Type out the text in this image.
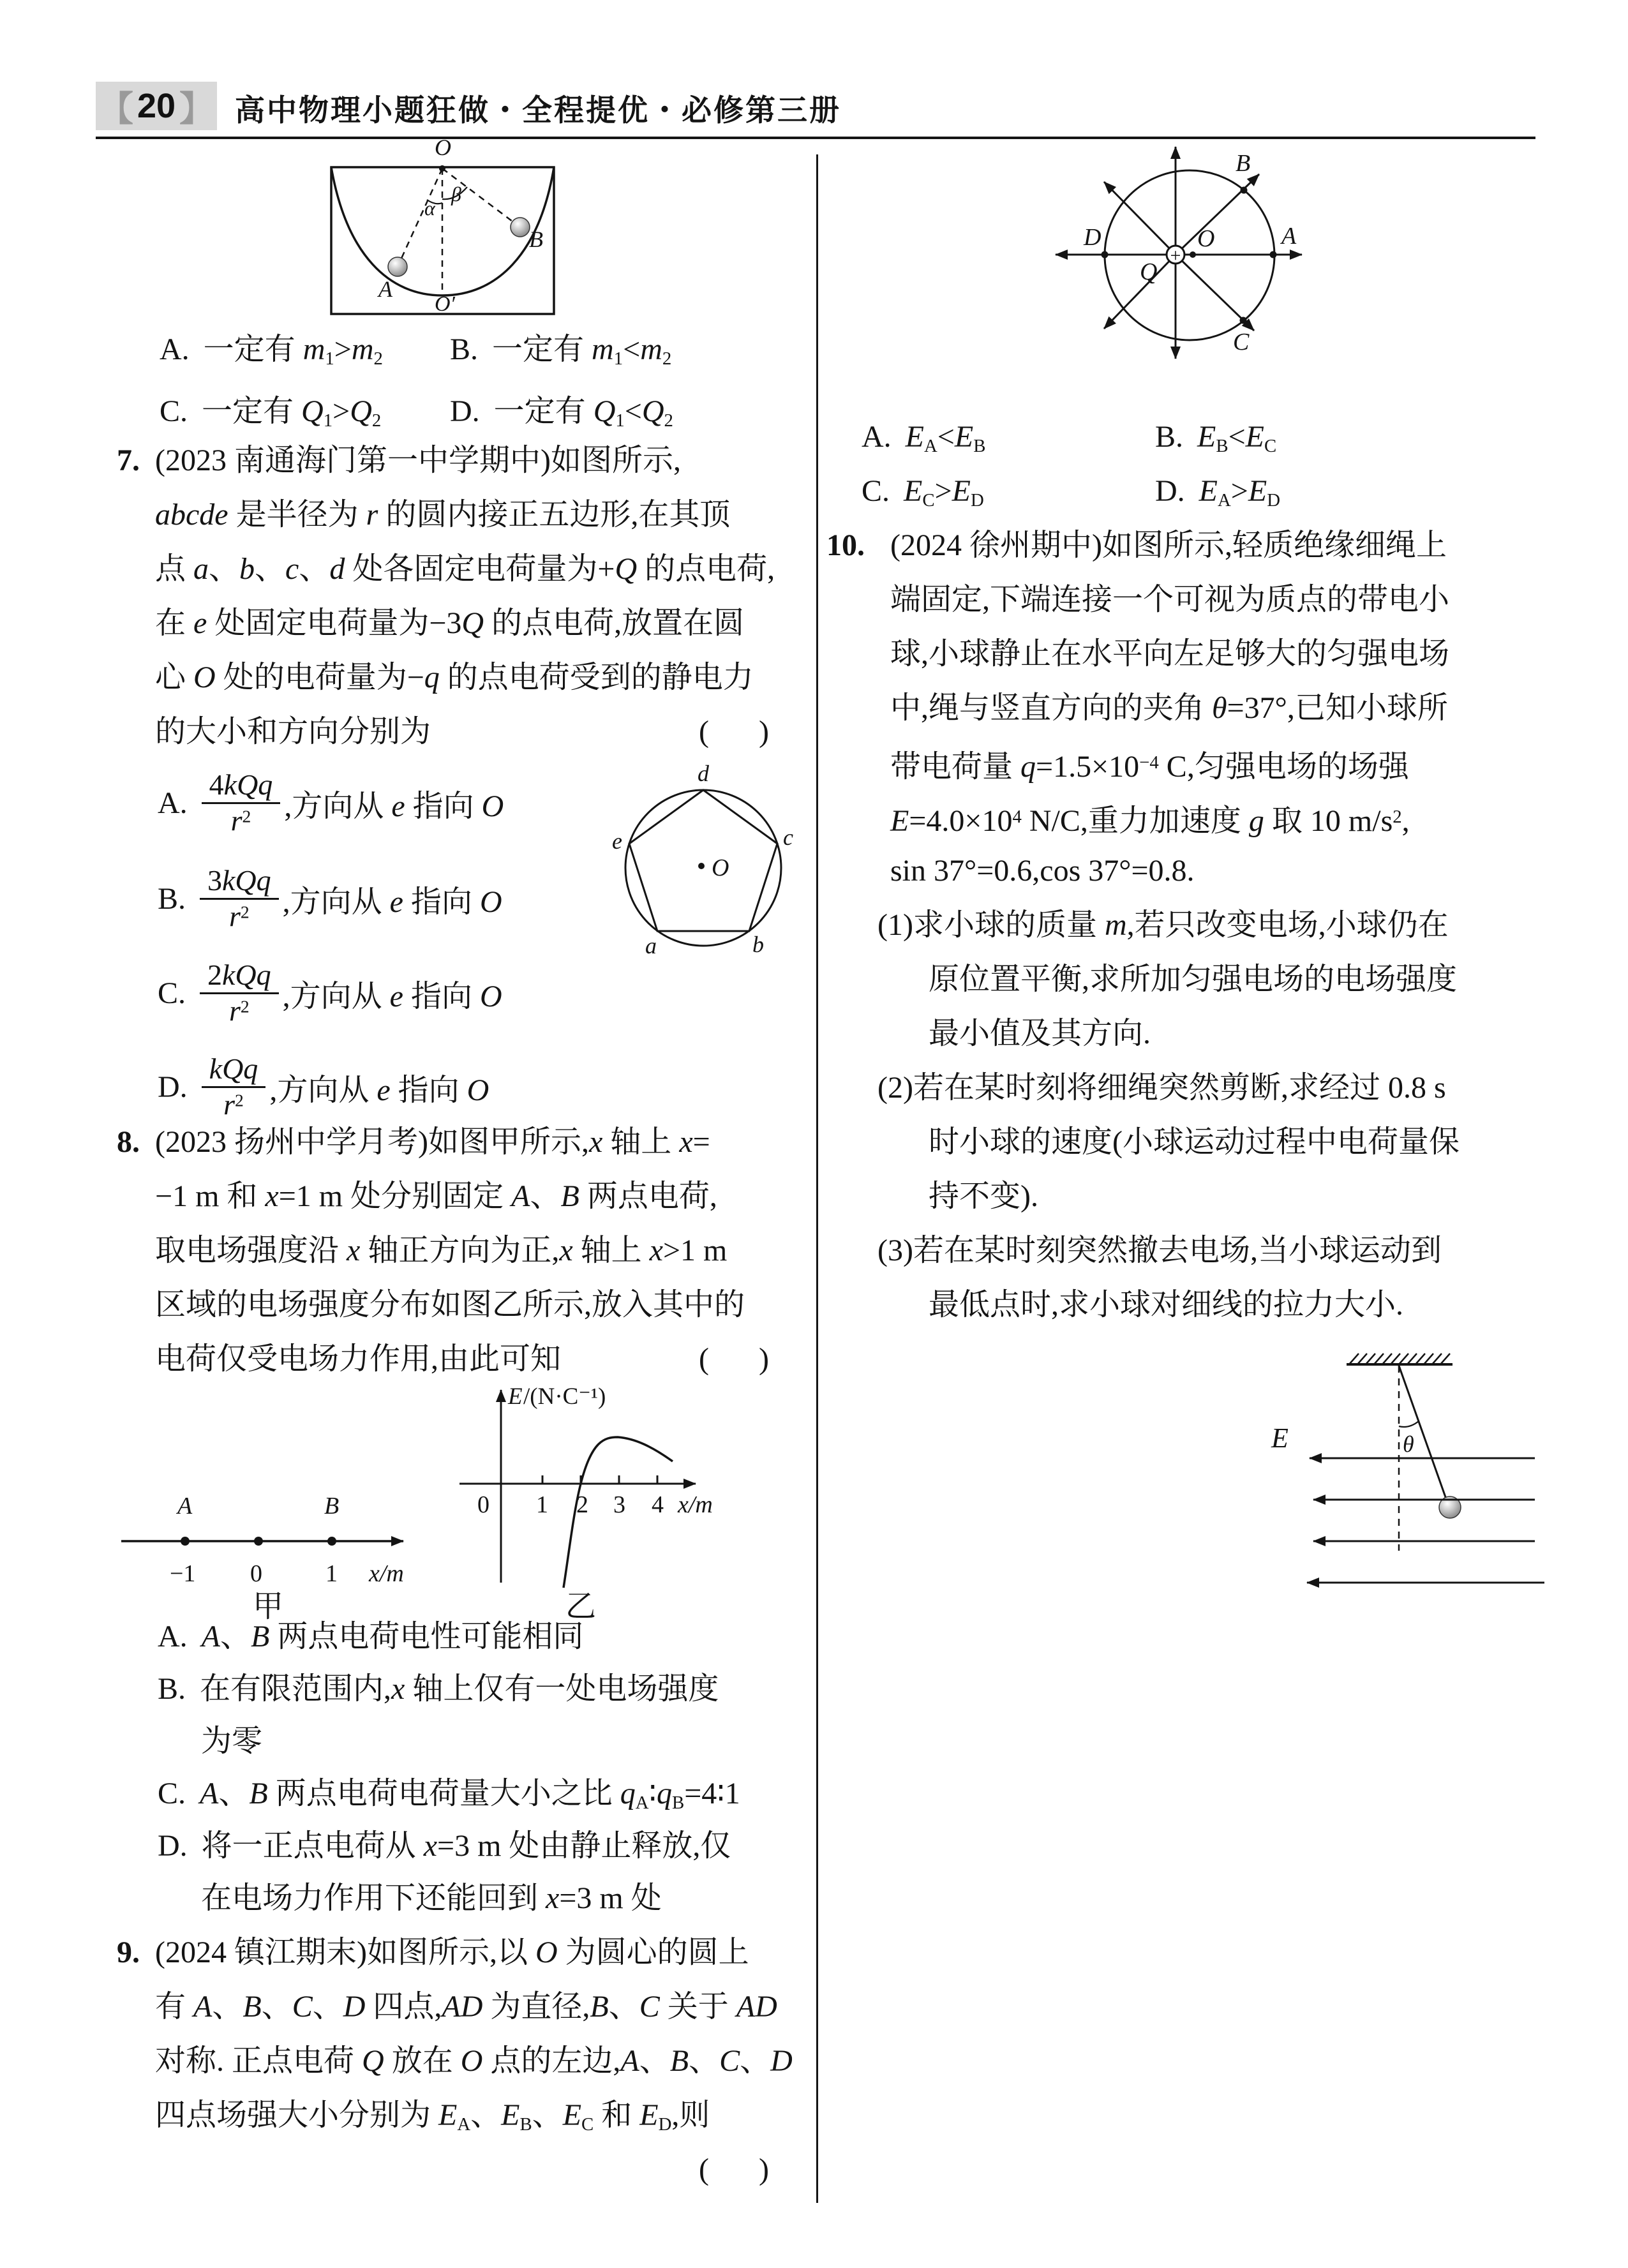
【 20 】 高中物理小题狂做・全程提优・必修第三册
O
α
β
A
B
O′
A. 一定有 $m_1>m_2$ B. 一定有 $m_1<m_2$
C. 一定有 $Q_1>Q_2$ D. 一定有 $Q_1<Q_2$
7. (2023 南通海门第一中学期中)如图所示,
abcde 是半径为 r 的圆内接正五边形,在其顶
点 a、b、c、d 处各固定电荷量为+Q 的点电荷,
在 e 处固定电荷量为−3Q 的点电荷,放置在圆
心 O 处的电荷量为−q 的点电荷受到的静电力
的大小和方向分别为	(    )
A. $\frac{\text{4kQq}}{r^2}$ ,方向从 e 指向 O
B. $\frac{\text{3kQq}}{r^2}$ ,方向从 e 指向 O
C. $\frac{\text{2kQq}}{r^2}$ ,方向从 e 指向 O
D. $\frac{\text{kQq}}{r^2}$ ,方向从 e 指向 O
O
d
e	c
a	b
8. (2023 扬州中学月考)如图甲所示,x 轴上 x=
−1 m 和 x=1 m 处分别固定 A、B 两点电荷,
取电场强度沿 x 轴正方向为正,x 轴上 x>1 m
区域的电场强度分布如图乙所示,放入其中的
电荷仅受电场力作用,由此可知	(    )
A	B
−1 0	1 x/m
甲
E /(N·C⁻¹)
0 1 2 3 4 x/m
乙
A. A、B 两点电荷电性可能相同
B. 在有限范围内,x 轴上仅有一处电场强度
为零
C. A、B 两点电荷电荷量大小之比 $q_A∶q_B=4∶1$
D. 将一正点电荷从 x=3 m 处由静止释放,仅
在电场力作用下还能回到 x=3 m 处
9. (2024 镇江期末)如图所示,以 O 为圆心的圆上
有 A、B、C、D 四点,AD 为直径,B、C 关于 AD
对称. 正点电荷 Q 放在 O 点的左边,A、B、C、D
四点场强大小分别为 $E_A$、$E_B$、$E_C$ 和 $E_D$,则
(    )
+
O
Q
A
D
B
C
A. $E_A<E_B$	B. $E_B<E_C$
C. $E_C>E_D$	D. $E_A>E_D$
10. (2024 徐州期中)如图所示,轻质绝缘细绳上
端固定,下端连接一个可视为质点的带电小
球,小球静止在水平向左足够大的匀强电场
中,绳与竖直方向的夹角 θ=37°,已知小球所
带电荷量 $q=1.5\times 10^{-4}$ C,匀强电场的场强
$E=4.0\times 10^4$ N/C,重力加速度 g 取 10 $m/s^2$,
sin 37°=0.6,cos 37°=0.8.
(1)求小球的质量 m,若只改变电场,小球仍在
原位置平衡,求所加匀强电场的电场强度
最小值及其方向.
(2)若在某时刻将细绳突然剪断,求经过 0.8 s
时小球的速度(小球运动过程中电荷量保
持不变).
(3)若在某时刻突然撤去电场,当小球运动到
最低点时,求小球对细线的拉力大小.
θ
E
